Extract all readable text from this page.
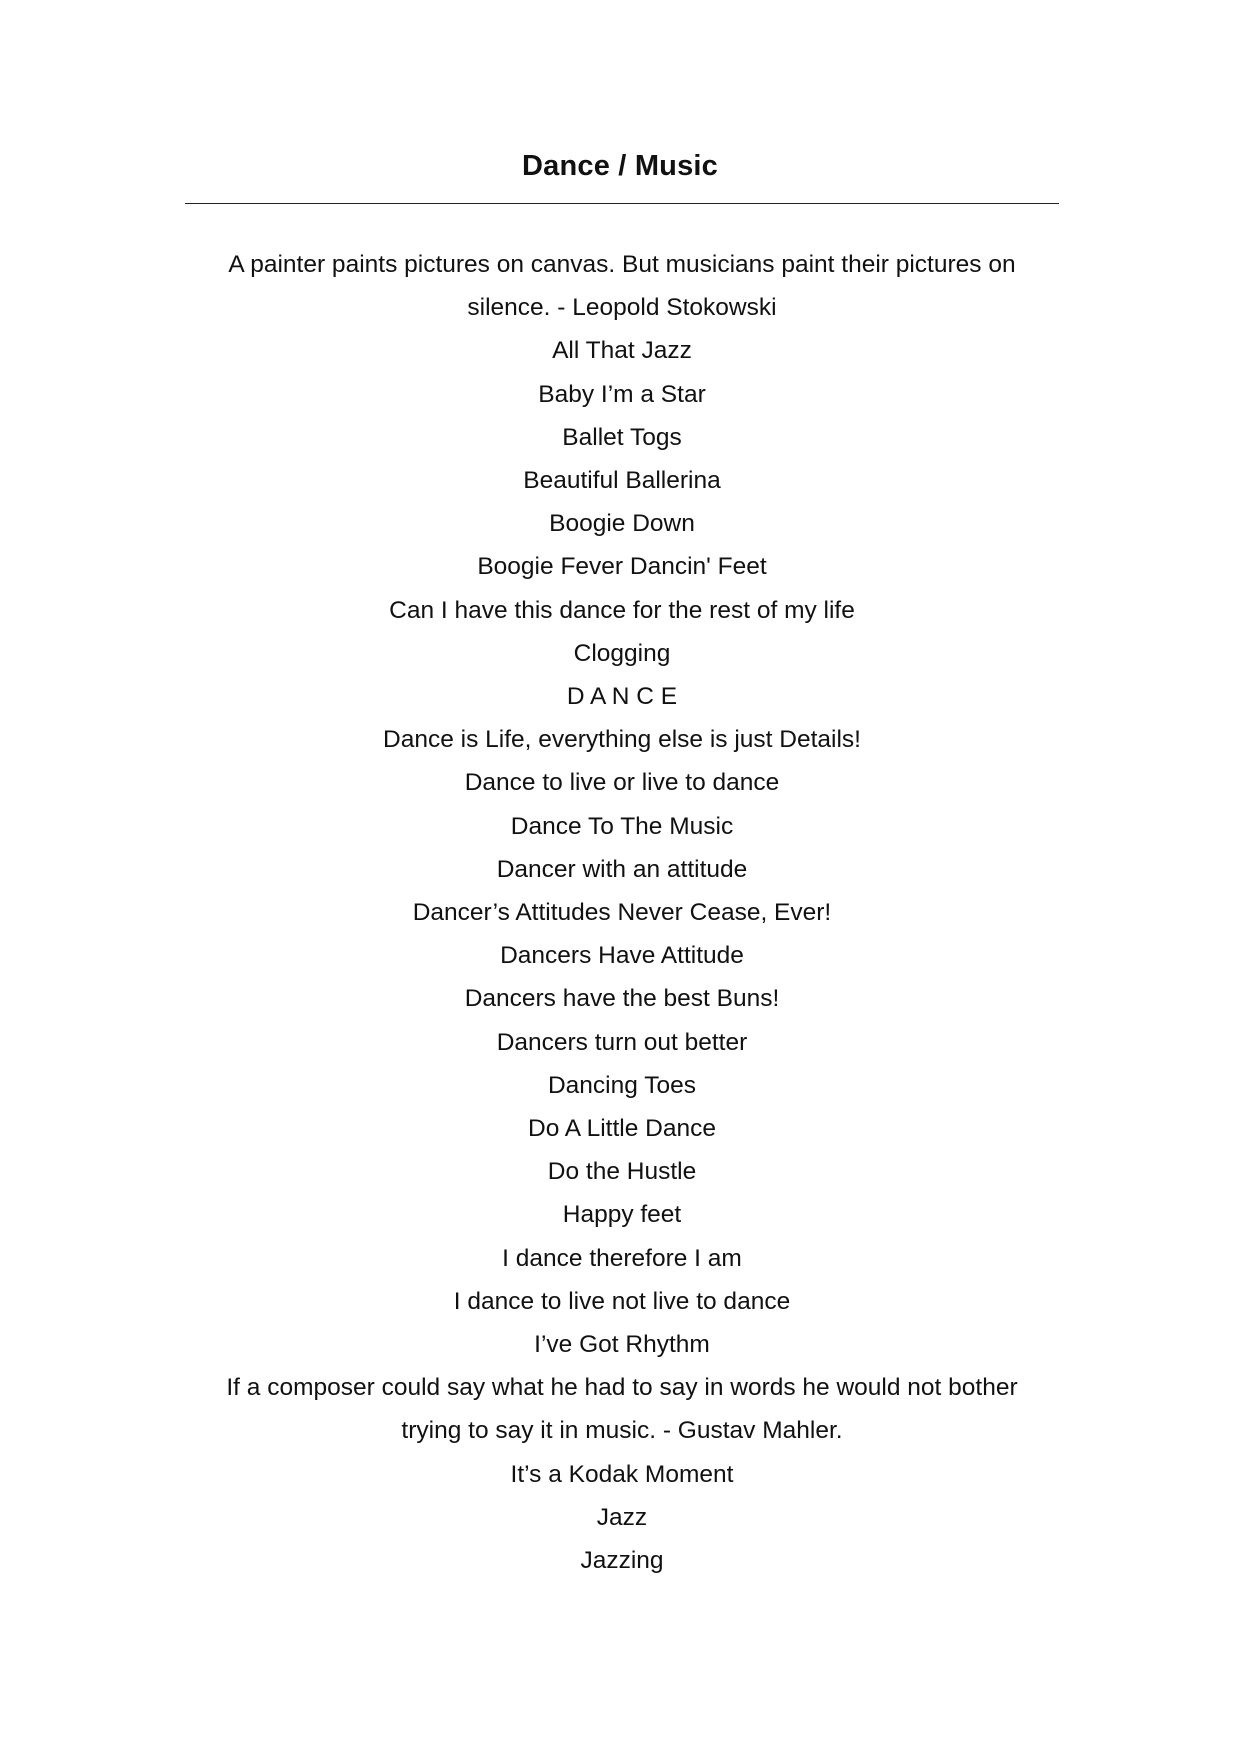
Dance / Music
A painter paints pictures on canvas. But musicians paint their pictures on
silence. - Leopold Stokowski
All That Jazz
Baby I’m a Star
Ballet Togs
Beautiful Ballerina
Boogie Down
Boogie Fever Dancin' Feet
Can I have this dance for the rest of my life
Clogging
D A N C E
Dance is Life, everything else is just Details!
Dance to live or live to dance
Dance To The Music
Dancer with an attitude
Dancer’s Attitudes Never Cease, Ever!
Dancers Have Attitude
Dancers have the best Buns!
Dancers turn out better
Dancing Toes
Do A Little Dance
Do the Hustle
Happy feet
I dance therefore I am
I dance to live not live to dance
I’ve Got Rhythm
If a composer could say what he had to say in words he would not bother
trying to say it in music. - Gustav Mahler.
It’s a Kodak Moment
Jazz
Jazzing
